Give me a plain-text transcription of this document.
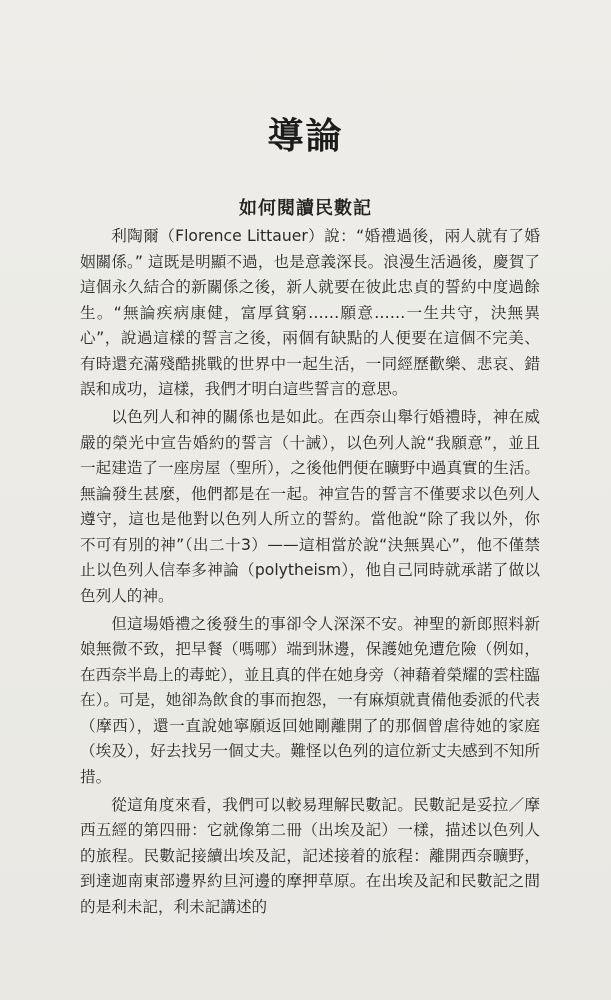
導論
如何閱讀民數記

利陶爾（Florence Littauer）說：“婚禮過後，兩人就有了婚姻關係。” 這既是明顯不過，也是意義深長。浪漫生活過後，慶賀了這個永久結合的新關係之後，新人就要在彼此忠貞的誓約中度過餘生。“無論疾病康健，富厚貧窮……願意……一生共守，決無異心”，說過這樣的誓言之後，兩個有缺點的人便要在這個不完美、有時還充滿殘酷挑戰的世界中一起生活，一同經歷歡樂、悲哀、錯誤和成功，這樣，我們才明白這些誓言的意思。

以色列人和神的關係也是如此。在西奈山舉行婚禮時，神在威嚴的榮光中宣告婚約的誓言（十誡），以色列人說“我願意”，並且一起建造了一座房屋（聖所），之後他們便在曠野中過真實的生活。無論發生甚麼，他們都是在一起。神宣告的誓言不僅要求以色列人遵守，這也是他對以色列人所立的誓約。當他說“除了我以外，你不可有別的神”（出二十3）——這相當於說“決無異心”，他不僅禁止以色列人信奉多神論（polytheism），他自己同時就承諾了做以色列人的神。

但這場婚禮之後發生的事卻令人深深不安。神聖的新郎照料新娘無微不致，把早餐（嗎哪）端到牀邊，保護她免遭危險（例如，在西奈半島上的毒蛇），並且真的伴在她身旁（神藉着榮耀的雲柱臨在）。可是，她卻為飲食的事而抱怨，一有麻煩就責備他委派的代表（摩西），還一直說她寧願返回她剛離開了的那個曾虐待她的家庭（埃及），好去找另一個丈夫。難怪以色列的這位新丈夫感到不知所措。

從這角度來看，我們可以較易理解民數記。民數記是妥拉／摩西五經的第四冊：它就像第二冊（出埃及記）一樣，描述以色列人的旅程。民數記接續出埃及記，記述接着的旅程：離開西奈曠野，到達迦南東部邊界約旦河邊的摩押草原。在出埃及記和民數記之間的是利未記，利未記講述的
